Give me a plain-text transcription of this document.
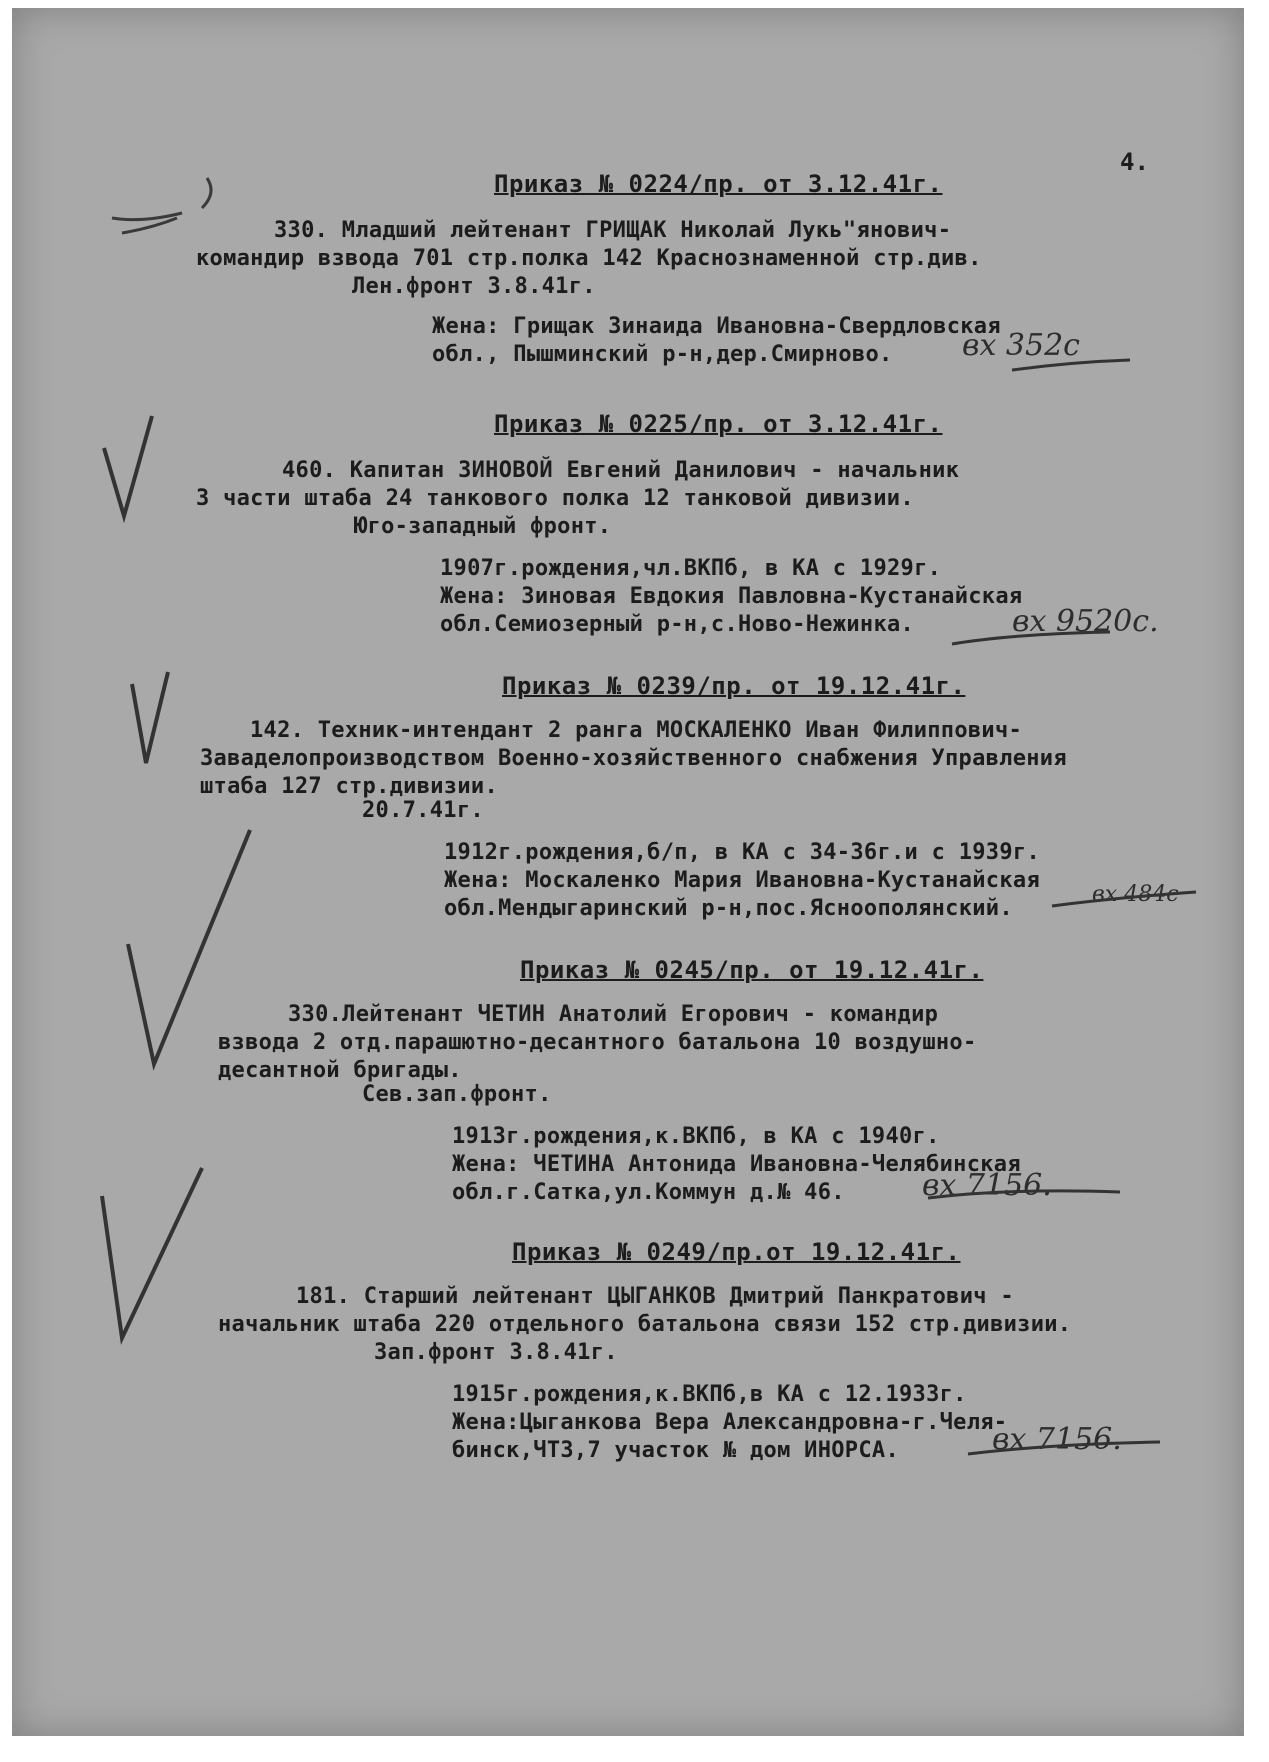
4.
Приказ № 0224/пр. от 3.12.41г.
330. Младший лейтенант ГРИЩАК Николай Лукь"янович-
командир взвода 701 стр.полка 142 Краснознаменной стр.див.
Лен.фронт 3.8.41г.
Жена: Грищак Зинаида Ивановна-Свердловская
обл., Пышминский р-н,дер.Смирново. вх 352с
Приказ № 0225/пр. от 3.12.41г.
460. Капитан ЗИНОВОЙ Евгений Данилович - начальник
3 части штаба 24 танкового полка 12 танковой дивизии.
Юго-западный фронт.
1907г.рождения,чл.ВКПб, в КА с 1929г.
Жена: Зиновая Евдокия Павловна-Кустанайская
обл.Семиозерный р-н,с.Ново-Нежинка.	вх 9520с.
Приказ № 0239/пр. от 19.12.41г.
142. Техник-интендант 2 ранга МОСКАЛЕНКО Иван Филиппович-
Заваделопроизводством Военно-хозяйственного снабжения Управления
штаба 127 стр.дивизии.
20.7.41г.
1912г.рождения,б/п, в КА с 34-36г.и с 1939г.
Жена: Москаленко Мария Ивановна-Кустанайская
обл.Мендыгаринский р-н,пос.Ясноополянский.
вх 484с
Приказ № 0245/пр. от 19.12.41г.
330.Лейтенант ЧЕТИН Анатолий Егорович - командир
взвода 2 отд.парашютно-десантного батальона 10 воздушно-
десантной бригады.
Сев.зап.фронт.
1913г.рождения,к.ВКПб, в КА с 1940г.
Жена: ЧЕТИНА Антонида Ивановна-Челябинская
обл.г.Сатка,ул.Коммун д.№ 46.	вх 7156.
Приказ № 0249/пр.от 19.12.41г.
181. Старший лейтенант ЦЫГАНКОВ Дмитрий Панкратович -
начальник штаба 220 отдельного батальона связи 152 стр.дивизии.
Зап.фронт 3.8.41г.
1915г.рождения,к.ВКПб,в КА с 12.1933г.
Жена:Цыганкова Вера Александровна-г.Челя-
бинск,ЧТЗ,7 участок № дом ИНОРСА.	вх 7156.
